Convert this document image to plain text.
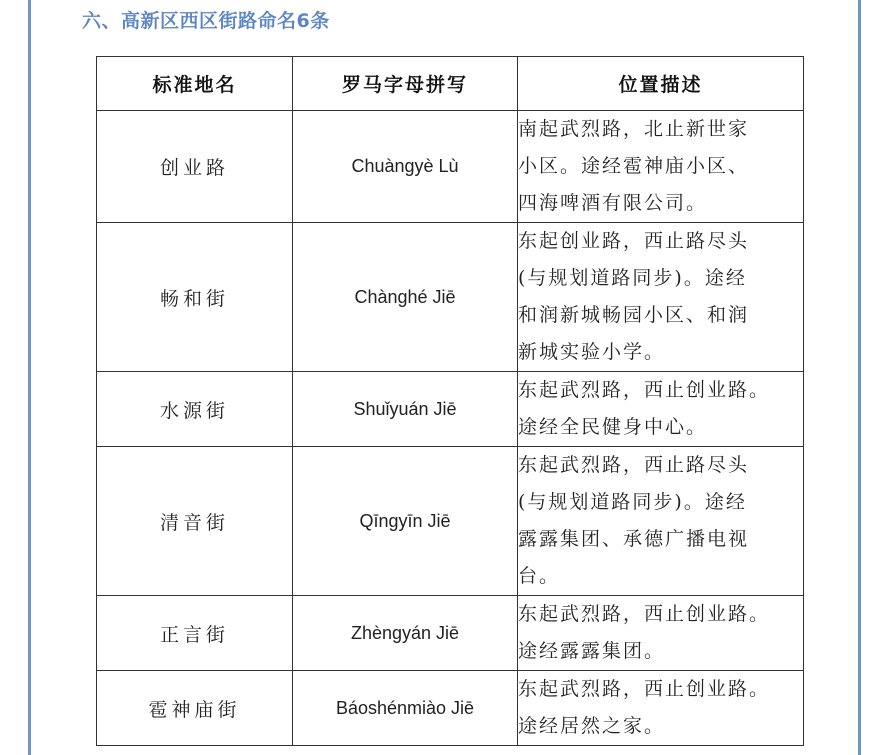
六、高新区西区街路命名6条
标准地名	罗马字母拼写	位置描述
创业路	Chuàngyè Lù	南起武烈路，北止新世家
小区。途经雹神庙小区、
四海啤酒有限公司。

畅和街	Chànghé Jiē	东起创业路，西止路尽头
(与规划道路同步)。途经
和润新城畅园小区、和润
新城实验小学。

水源街	Shuǐyuán Jiē	东起武烈路，西止创业路。
途经全民健身中心。

清音街	Qīngyīn Jiē	东起武烈路，西止路尽头
(与规划道路同步)。途经
露露集团、承德广播电视
台。

正言街	Zhèngyán Jiē	东起武烈路，西止创业路。
途经露露集团。

雹神庙街	Báoshénmiào Jiē	东起武烈路，西止创业路。
途经居然之家。
